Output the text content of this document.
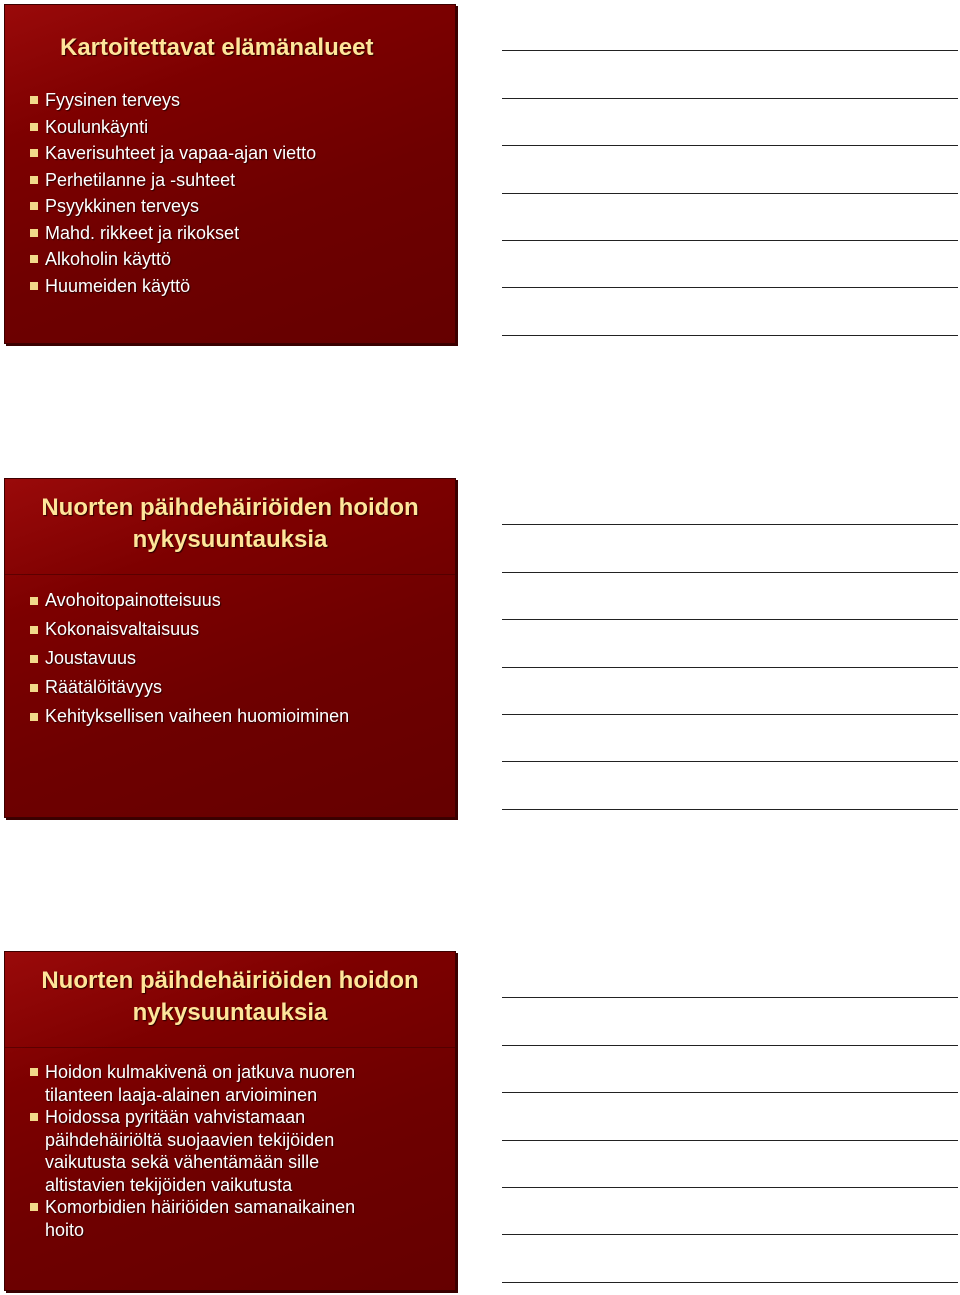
Kartoitettavat elämänalueet
Fyysinen terveys
Koulunkäynti
Kaverisuhteet ja vapaa-ajan vietto
Perhetilanne ja -suhteet
Psyykkinen terveys
Mahd. rikkeet ja rikokset
Alkoholin käyttö
Huumeiden käyttö
Nuorten päihdehäiriöiden hoidon
nykysuuntauksia
Avohoitopainotteisuus
Kokonaisvaltaisuus
Joustavuus
Räätälöitävyys
Kehityksellisen vaiheen huomioiminen
Nuorten päihdehäiriöiden hoidon
nykysuuntauksia
Hoidon kulmakivenä on jatkuva nuoren
tilanteen laaja-alainen arvioiminen
Hoidossa pyritään vahvistamaan
päihdehäiriöltä suojaavien tekijöiden
vaikutusta sekä vähentämään sille
altistavien tekijöiden vaikutusta
Komorbidien häiriöiden samanaikainen
hoito
